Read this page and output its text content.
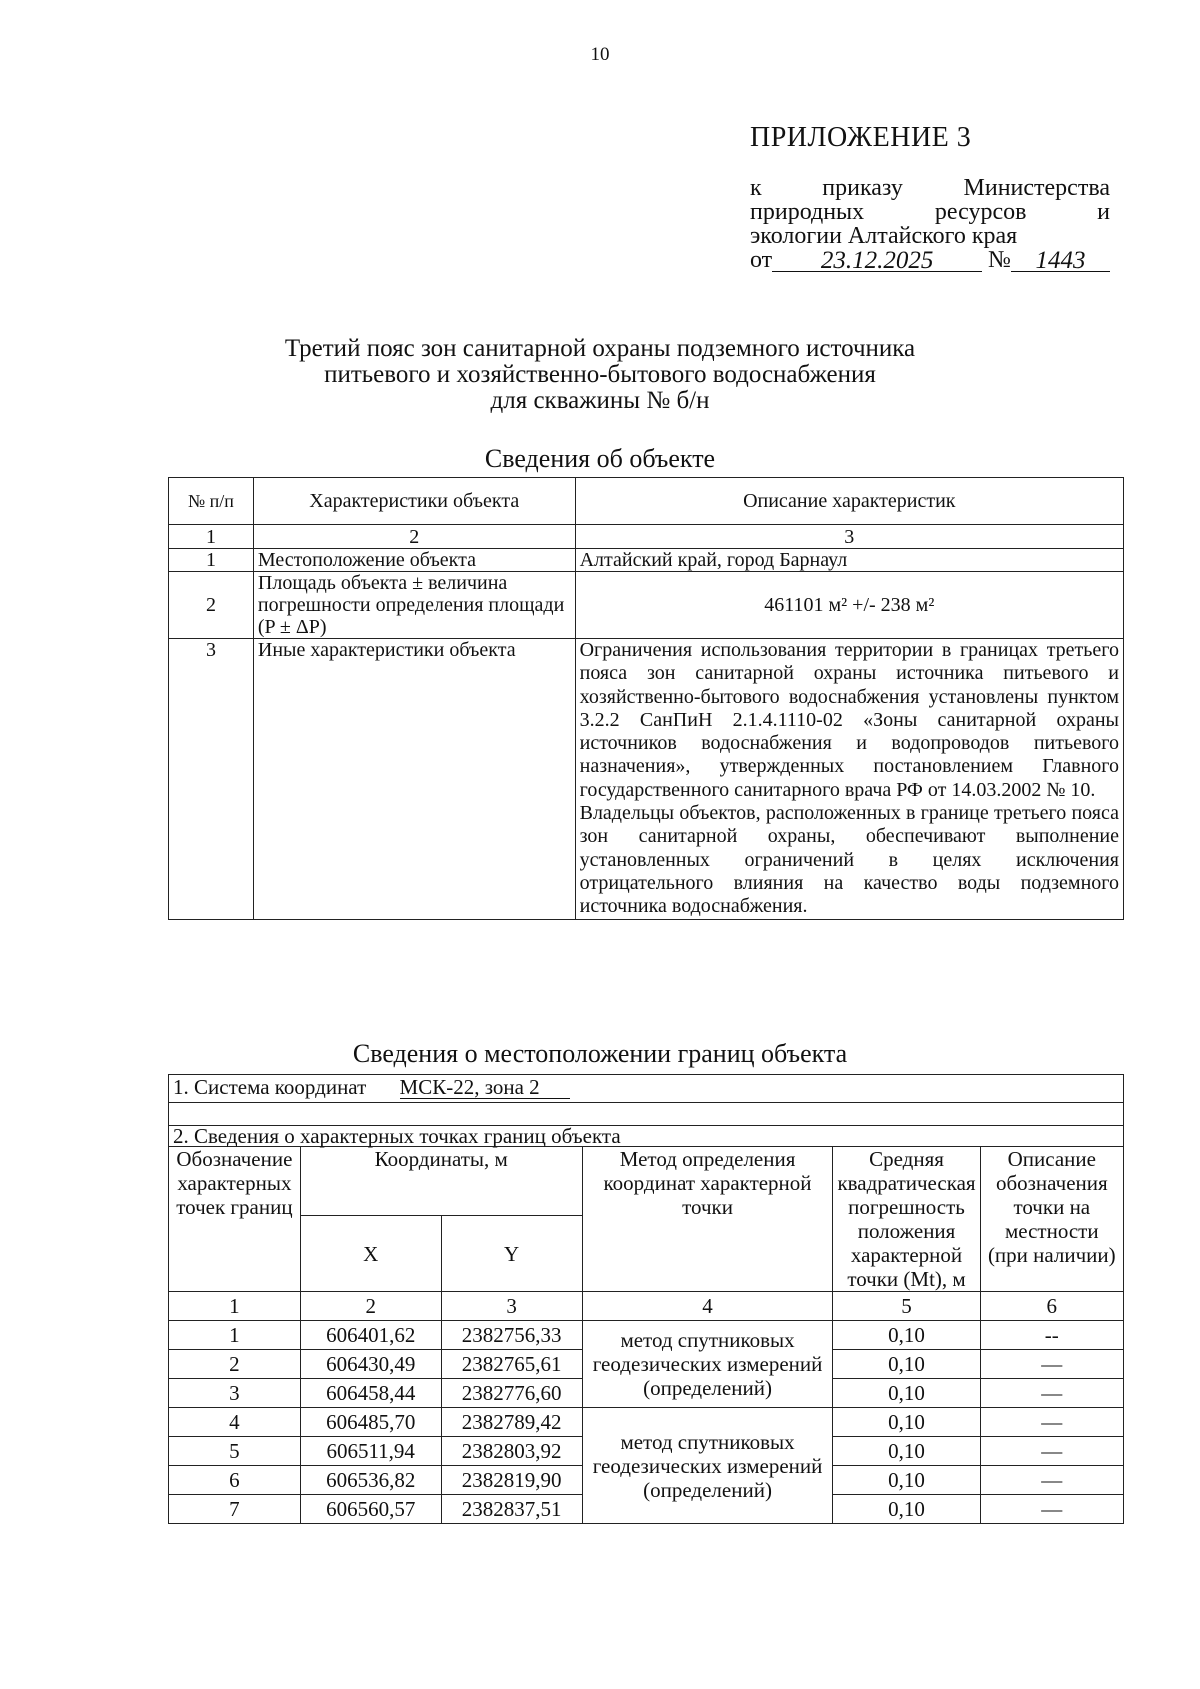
10
ПРИЛОЖЕНИЕ 3
к	приказу	Министерства
природных	ресурсов	и
экологии Алтайского края
от	23.12.2025	№ 1443
Третий пояс зон санитарной охраны подземного источника
питьевого и хозяйственно-бытового водоснабжения
для скважины № б/н
Сведения об объекте
№ п/п	Характеристики объекта	Описание характеристик
1	2	3
1	Местоположение объекта	Алтайский край, город Барнаул
2	Площадь объекта ± величина погрешности определения площади (P ± ΔP)	461101 м² +/- 238 м²
3	Иные характеристики объекта	Ограничения использования территории в границах третьего пояса зон санитарной охраны источника питьевого и хозяйственно-бытового водоснабжения установлены пунктом 3.2.2 СанПиН 2.1.4.1110-02 «Зоны санитарной охраны источников водоснабжения и водопроводов питьевого назначения», утвержденных постановлением Главного государственного санитарного врача РФ от 14.03.2002 № 10.
Владельцы объектов, расположенных в границе третьего пояса зон санитарной охраны, обеспечивают выполнение установленных ограничений в целях исключения отрицательного влияния на качество воды подземного источника водоснабжения.
Сведения о местоположении границ объекта
1. Система координат МСК-22, зона 2					

2. Сведения о характерных точках границ объекта					
Обозначение характерных точек границ	Координаты, м		Метод определения координат характерной точки	Средняя квадратическая погрешность положения характерной точки (Mt), м	Описание обозначения точки на местности (при наличии)
	X	Y			
1	2	3	4	5	6
1	606401,62	2382756,33	метод спутниковых геодезических измерений (определений)	0,10	--
2	606430,49	2382765,61		0,10	—
3	606458,44	2382776,60		0,10	—
4	606485,70	2382789,42	метод спутниковых геодезических измерений (определений)	0,10	—
5	606511,94	2382803,92		0,10	—
6	606536,82	2382819,90		0,10	—
7	606560,57	2382837,51		0,10	—
